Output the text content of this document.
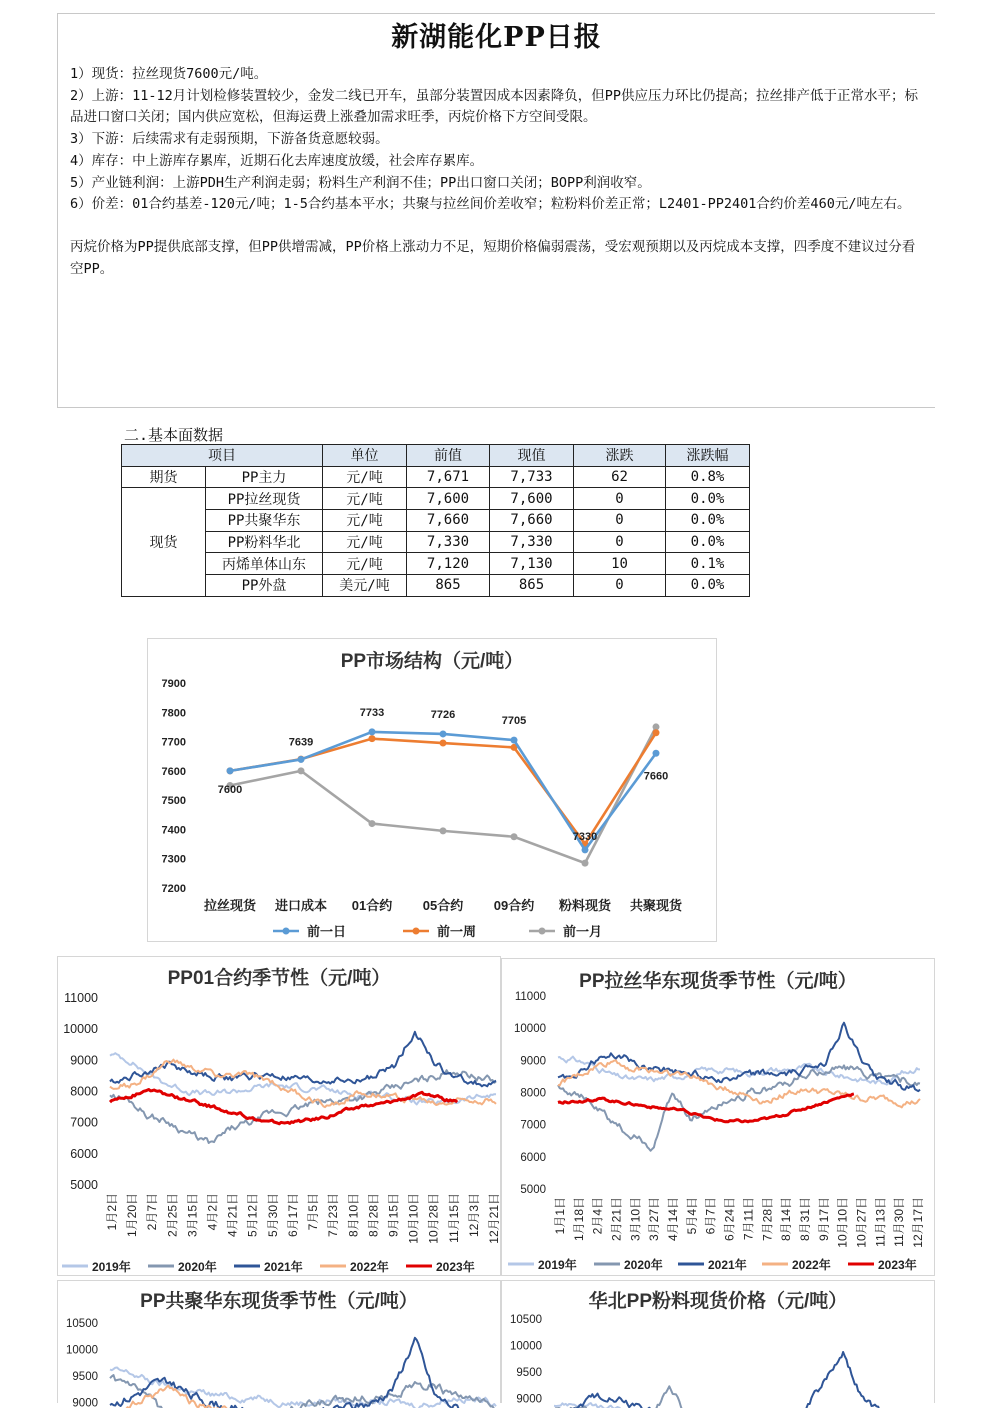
新湖能化PP日报

1）现货：拉丝现货7600元/吨。

2）上游：11-12月计划检修装置较少，金发二线已开车，虽部分装置因成本因素降负，但PP供应压力环比仍提高；拉丝排产低于正常水平；标品进口窗口关闭；国内供应宽松，但海运费上涨叠加需求旺季，丙烷价格下方空间受限。

3）下游：后续需求有走弱预期，下游备货意愿较弱。

4）库存：中上游库存累库，近期石化去库速度放缓，社会库存累库。

5）产业链利润：上游PDH生产利润走弱；粉料生产利润不佳；PP出口窗口关闭；BOPP利润收窄。

6）价差：01合约基差-120元/吨；1-5合约基本平水；共聚与拉丝间价差收窄；粒粉料价差正常；L2401-PP2401合约价差460元/吨左右。

丙烷价格为PP提供底部支撑，但PP供增需减，PP价格上涨动力不足，短期价格偏弱震荡，受宏观预期以及丙烷成本支撑，四季度不建议过分看空PP。

二.基本面数据
项目		单位	前值	现值	涨跌	涨跌幅
期货	PP主力	元/吨	7,671	7,733	62	0.8%
现货	PP拉丝现货	元/吨	7,600	7,600	0	0.0%
	PP共聚华东	元/吨	7,660	7,660	0	0.0%
	PP粉料华北	元/吨	7,330	7,330	0	0.0%
	丙烯单体山东	元/吨	7,120	7,130	10	0.1%
	PP外盘	美元/吨	865	865	0	0.0%
PP市场结构（元/吨）
7200
7300
7400
7500
7600
7700
7800
7900
拉丝现货 进口成本 01合约 05合约 09合约 粉料现货 共聚现货
7600
7639
7733	7726
7705
7330
7660
前一日	前一周	前一月
PP01合约季节性（元/吨）
5000
6000
7000
8000
9000
10000
11000
1月2日 1月20日 2月7日 2月25日 3月15日 4月2日 4月21日 5月12日 5月30日 6月17日 7月5日 7月23日 8月10日 8月28日 9月15日 10月10日 10月28日 11月15日 12月3日 12月21日
2019年	2020年	2021年	2022年	2023年
PP拉丝华东现货季节性（元/吨）
5000
6000
7000
8000
9000
10000
11000
1月1日 1月18日 2月4日 2月21日 3月10日 3月27日 4月14日 5月4日 6月7日 6月24日 7月11日 7月28日 8月14日 8月31日 9月17日 10月10日 10月27日 11月13日 11月30日 12月17日
2019年	2020年	2021年	2022年	2023年
PP共聚华东现货季节性（元/吨）
9000
9500
10000
10500
华北PP粉料现货价格（元/吨）
9000
9500
10000
10500
